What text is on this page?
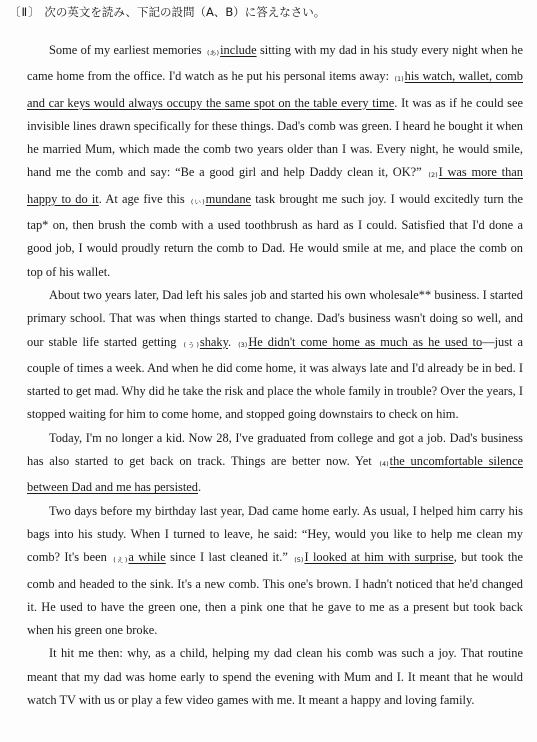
〔Ⅱ〕 次の英文を読み、下記の設問（A、B）に答えなさい。

Some of my earliest memories (あ)include sitting with my dad in his study every night when he came home from the office. I'd watch as he put his personal items away: (1)his watch, wallet, comb and car keys would always occupy the same spot on the table every time. It was as if he could see invisible lines drawn specifically for these things. Dad's comb was green. I heard he bought it when he married Mum, which made the comb two years older than I was. Every night, he would smile, hand me the comb and say: “Be a good girl and help Daddy clean it, OK?” (2)I was more than happy to do it. At age five this (い)mundane task brought me such joy. I would excitedly turn the tap* on, then brush the comb with a used toothbrush as hard as I could. Satisfied that I'd done a good job, I would proudly return the comb to Dad. He would smile at me, and place the comb on top of his wallet.

About two years later, Dad left his sales job and started his own wholesale** business. I started primary school. That was when things started to change. Dad's business wasn't doing so well, and our stable life started getting (う)shaky. (3)He didn't come home as much as he used to—just a couple of times a week. And when he did come home, it was always late and I'd already be in bed. I started to get mad. Why did he take the risk and place the whole family in trouble? Over the years, I stopped waiting for him to come home, and stopped going downstairs to check on him.

Today, I'm no longer a kid. Now 28, I've graduated from college and got a job. Dad's business has also started to get back on track. Things are better now. Yet (4)the uncomfortable silence between Dad and me has persisted.

Two days before my birthday last year, Dad came home early. As usual, I helped him carry his bags into his study. When I turned to leave, he said: “Hey, would you like to help me clean my comb? It's been (え)a while since I last cleaned it.” (5)I looked at him with surprise, but took the comb and headed to the sink. It's a new comb. This one's brown. I hadn't noticed that he'd changed it. He used to have the green one, then a pink one that he gave to me as a present but took back when his green one broke.

It hit me then: why, as a child, helping my dad clean his comb was such a joy. That routine meant that my dad was home early to spend the evening with Mum and I. It meant that he would watch TV with us or play a few video games with me. It meant a happy and loving family.
